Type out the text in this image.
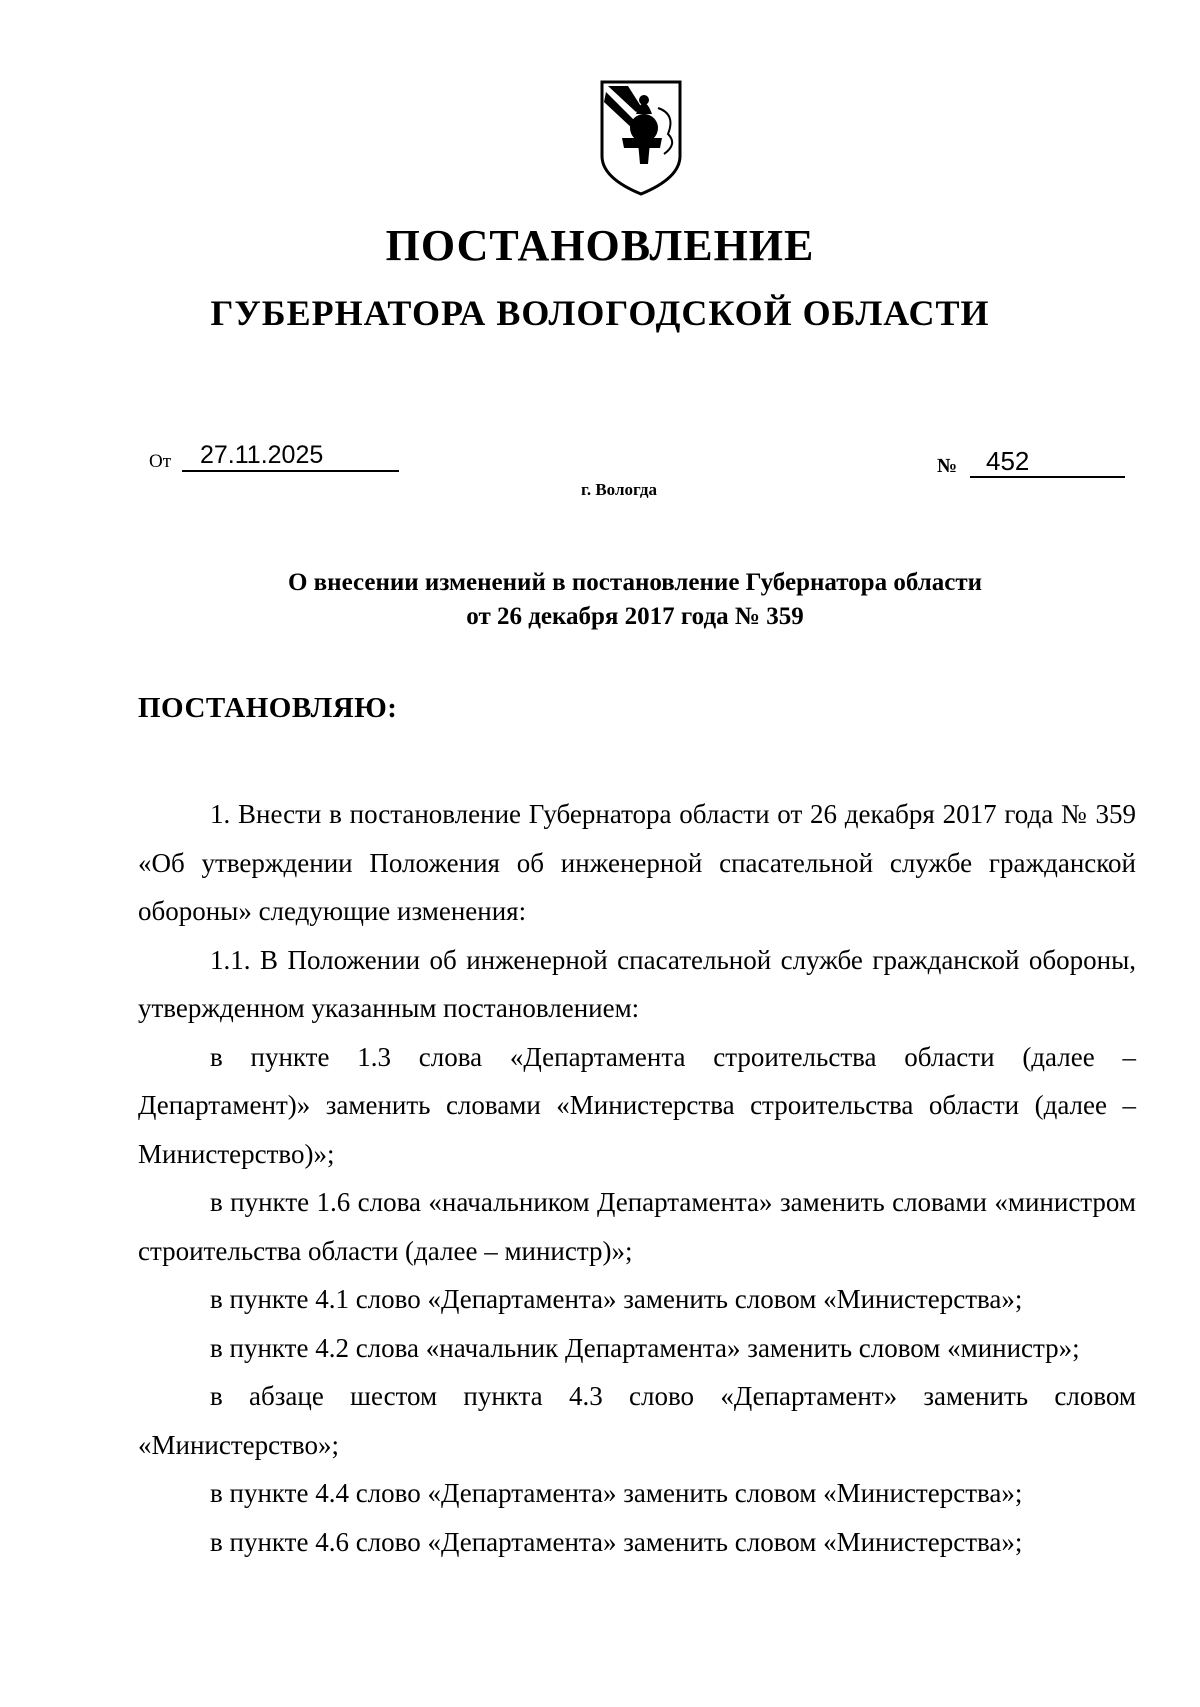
ПОСТАНОВЛЕНИЕ
ГУБЕРНАТОРА ВОЛОГОДСКОЙ ОБЛАСТИ
От 27.11.2025	№ 452
г. Вологда
О внесении изменений в постановление Губернатора области
от 26 декабря 2017 года № 359
ПОСТАНОВЛЯЮ:

1. Внести в постановление Губернатора области от 26 декабря 2017 года № 359 «Об утверждении Положения об инженерной спасательной службе гражданской обороны» следующие изменения:

1.1. В Положении об инженерной спасательной службе гражданской обороны, утвержденном указанным постановлением:

в пункте 1.3 слова «Департамента строительства области (далее – Департамент)» заменить словами «Министерства строительства области (далее – Министерство)»;

в пункте 1.6 слова «начальником Департамента» заменить словами «министром строительства области (далее – министр)»;

в пункте 4.1 слово «Департамента» заменить словом «Министерства»;

в пункте 4.2 слова «начальник Департамента» заменить словом «министр»;

в абзаце шестом пункта 4.3 слово «Департамент» заменить словом «Министерство»;

в пункте 4.4 слово «Департамента» заменить словом «Министерства»;

в пункте 4.6 слово «Департамента» заменить словом «Министерства»;
